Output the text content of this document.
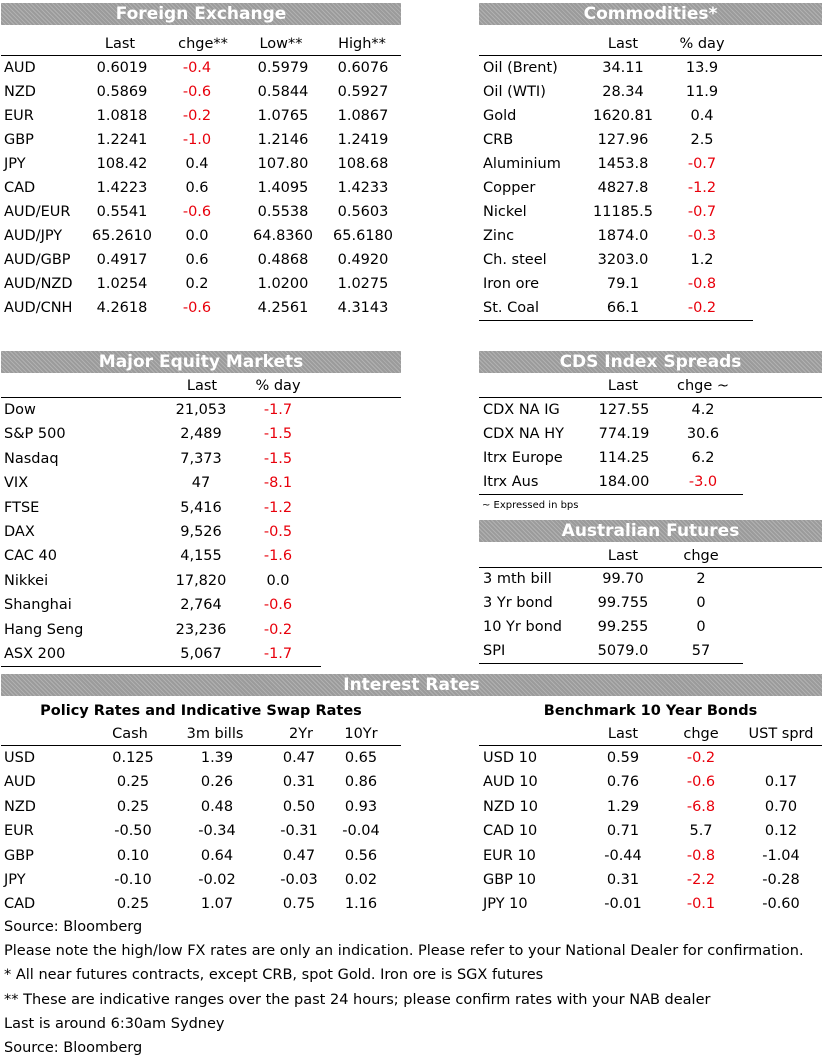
Foreign Exchange
Last	chge**	Low**	High**
AUD	0.6019	-0.4	0.5979	0.6076
NZD	0.5869	-0.6	0.5844	0.5927
EUR	1.0818	-0.2	1.0765	1.0867
GBP	1.2241	-1.0	1.2146	1.2419
JPY	108.42	0.4	107.80	108.68
CAD	1.4223	0.6	1.4095	1.4233
AUD/EUR	0.5541	-0.6	0.5538	0.5603
AUD/JPY	65.2610	0.0	64.8360	65.6180
AUD/GBP	0.4917	0.6	0.4868	0.4920
AUD/NZD	1.0254	0.2	1.0200	1.0275
AUD/CNH	4.2618	-0.6	4.2561	4.3143
Commodities*
Last	% day
Oil (Brent)	34.11	13.9
Oil (WTI)	28.34	11.9
Gold	1620.81	0.4
CRB	127.96	2.5
Aluminium	1453.8	-0.7
Copper	4827.8	-1.2
Nickel	11185.5	-0.7
Zinc	1874.0	-0.3
Ch. steel	3203.0	1.2
Iron ore	79.1	-0.8
St. Coal	66.1	-0.2
Major Equity Markets
Last	% day
Dow	21,053	-1.7
S&P 500	2,489	-1.5
Nasdaq	7,373	-1.5
VIX	47	-8.1
FTSE	5,416	-1.2
DAX	9,526	-0.5
CAC 40	4,155	-1.6
Nikkei	17,820	0.0
Shanghai	2,764	-0.6
Hang Seng	23,236	-0.2
ASX 200	5,067	-1.7
CDS Index Spreads
Last	chge ~
CDX NA IG	127.55	4.2
CDX NA HY	774.19	30.6
Itrx Europe	114.25	6.2
Itrx Aus	184.00	-3.0
~ Expressed in bps
Australian Futures
Last	chge
3 mth bill	99.70	2
3 Yr bond	99.755	0
10 Yr bond	99.255	0
SPI	5079.0	57
Interest Rates
Policy Rates and Indicative Swap Rates	Benchmark 10 Year Bonds
Cash	3m bills	2Yr	10Yr
USD	0.125	1.39	0.47	0.65
AUD	0.25	0.26	0.31	0.86
NZD	0.25	0.48	0.50	0.93
EUR	-0.50	-0.34	-0.31	-0.04
GBP	0.10	0.64	0.47	0.56
JPY	-0.10	-0.02	-0.03	0.02
CAD	0.25	1.07	0.75	1.16
Last	chge	UST sprd
USD 10	0.59	-0.2
AUD 10	0.76	-0.6	0.17
NZD 10	1.29	-6.8	0.70
CAD 10	0.71	5.7	0.12
EUR 10	-0.44	-0.8	-1.04
GBP 10	0.31	-2.2	-0.28
JPY 10	-0.01	-0.1	-0.60
Source: Bloomberg
Please note the high/low FX rates are only an indication. Please refer to your National Dealer for confirmation.
* All near futures contracts, except CRB, spot Gold. Iron ore is SGX futures
** These are indicative ranges over the past 24 hours; please confirm rates with your NAB dealer
Last is around 6:30am Sydney
Source: Bloomberg
